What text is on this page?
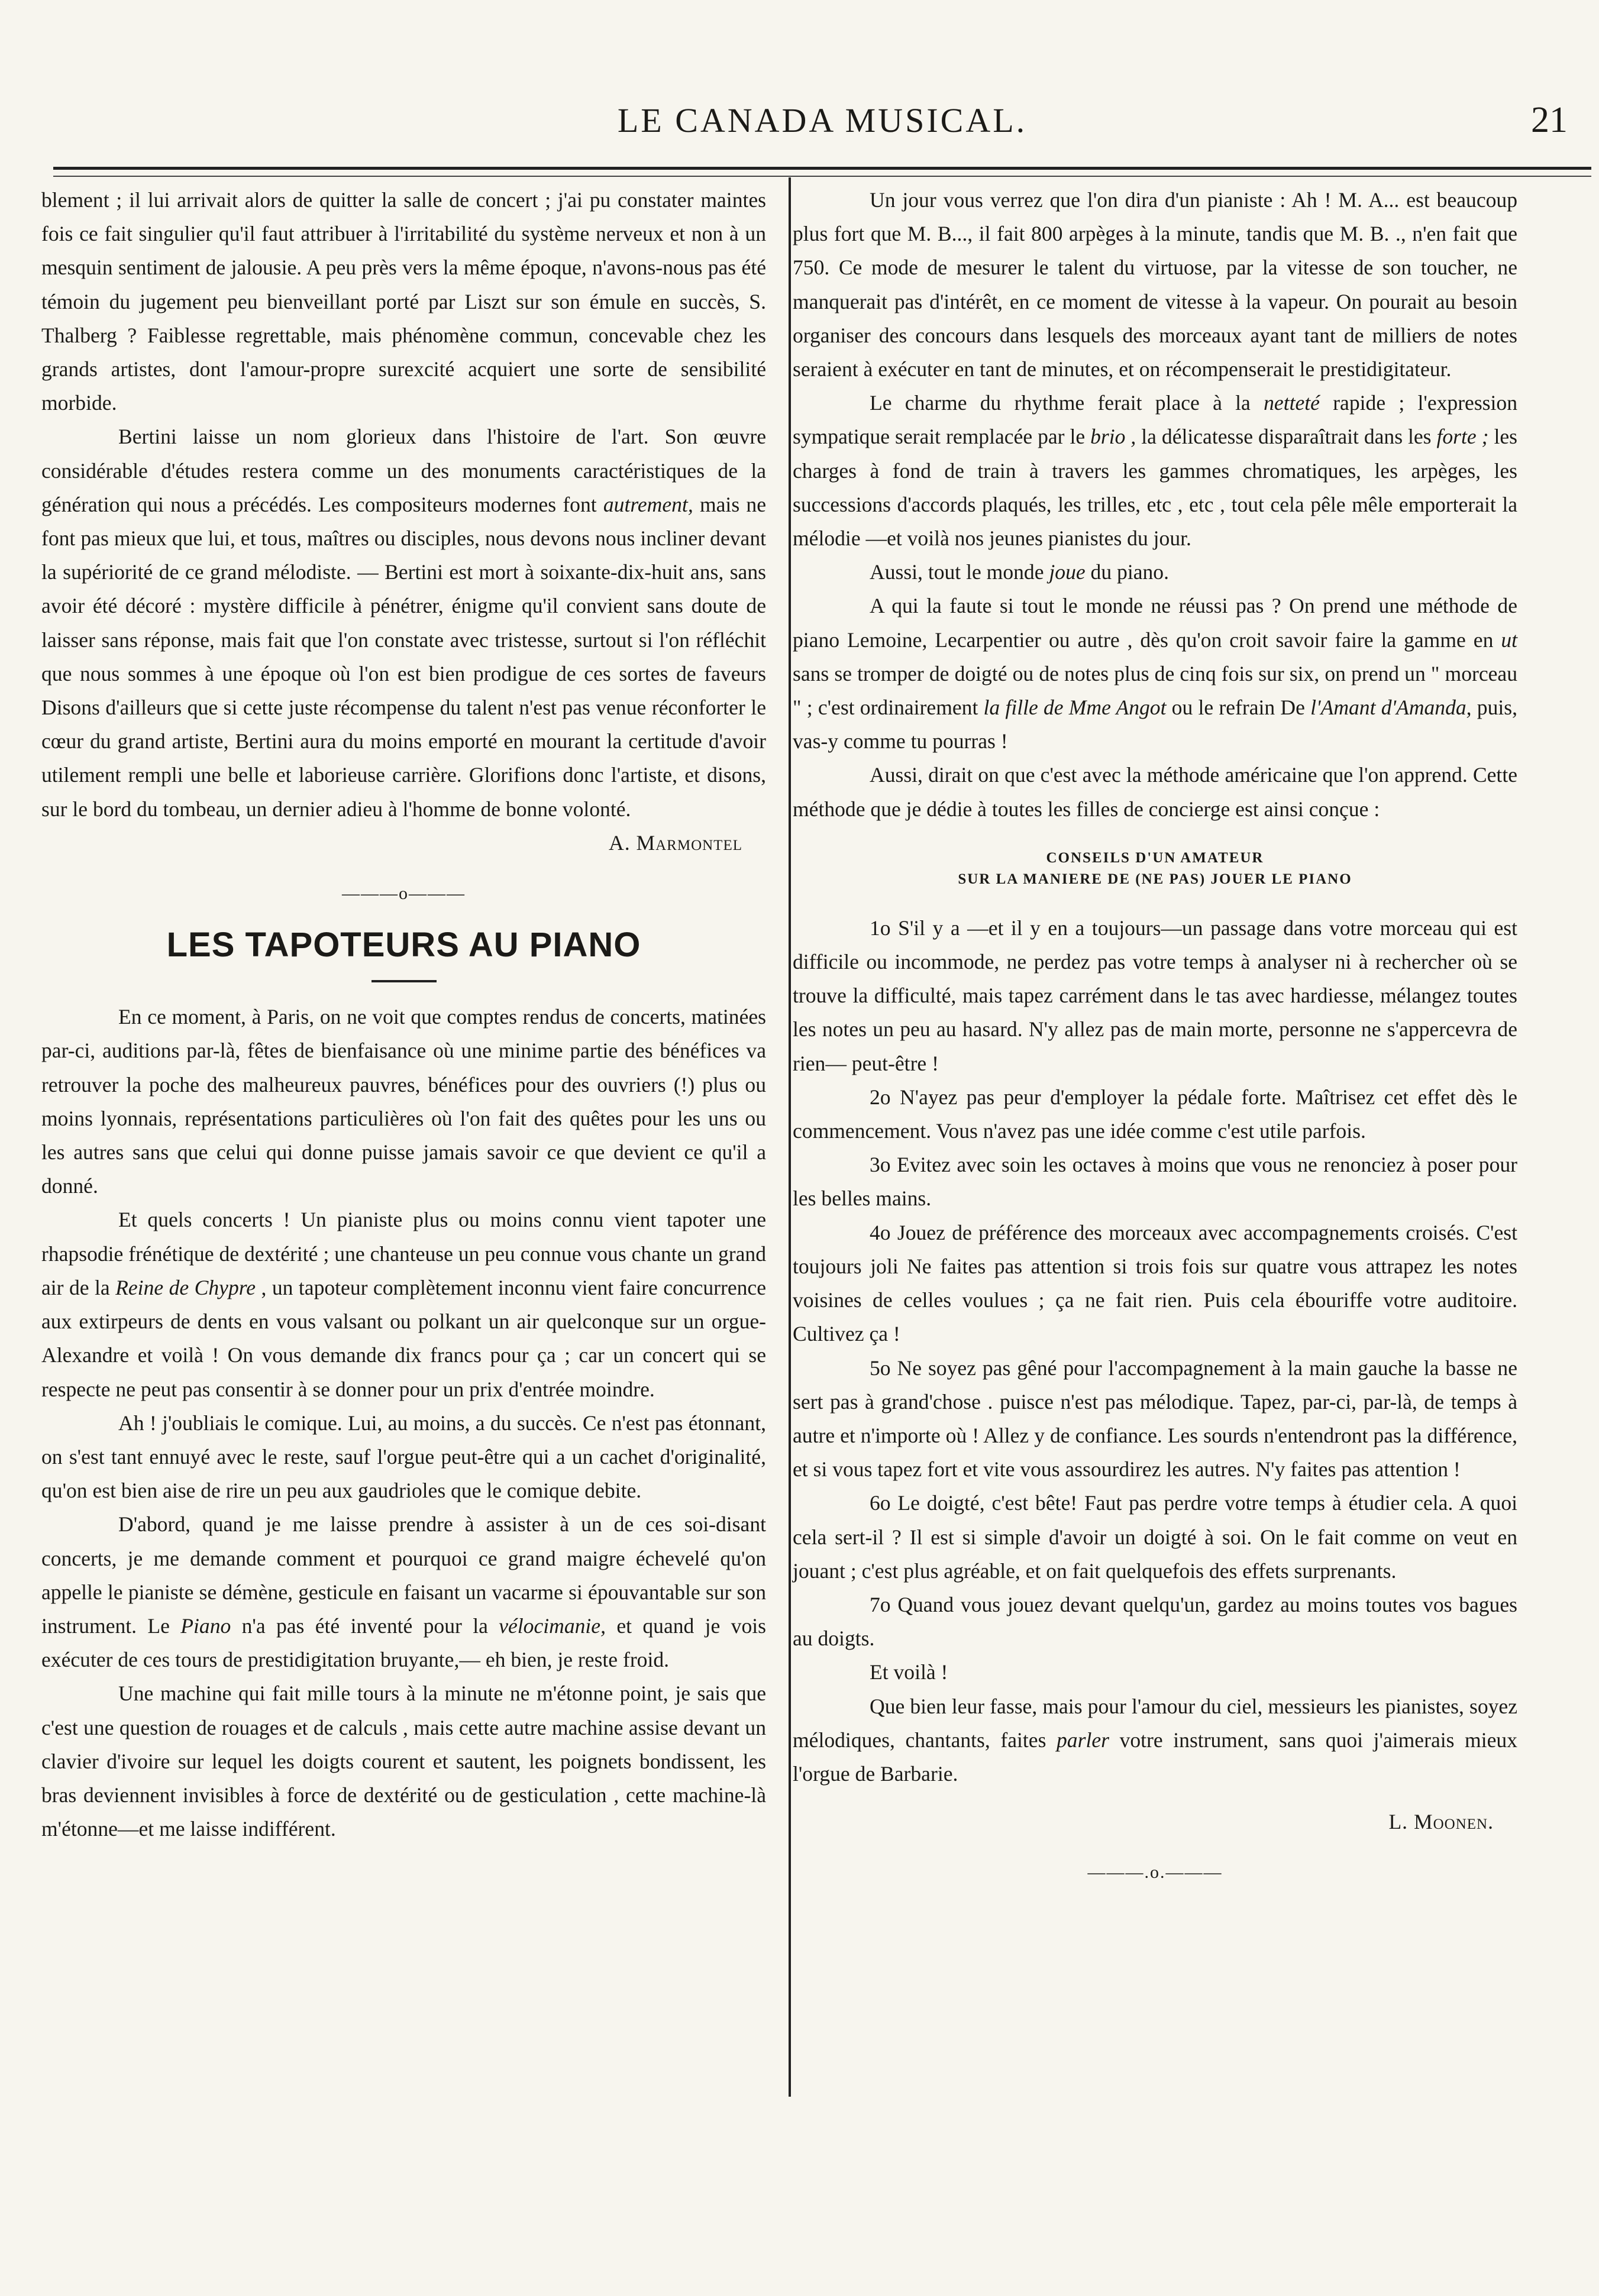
LE CANADA MUSICAL.	21

blement ; il lui arrivait alors de quitter la salle de concert ; j'ai pu constater maintes fois ce fait singulier qu'il faut attribuer à l'irritabilité du système nerveux et non à un mesquin sentiment de jalousie. A peu près vers la même époque, n'avons-nous pas été témoin du jugement peu bienveillant porté par Liszt sur son émule en succès, S. Thalberg ? Faiblesse regrettable, mais phénomène commun, concevable chez les grands artistes, dont l'amour-propre surexcité acquiert une sorte de sensibilité morbide.

Bertini laisse un nom glorieux dans l'histoire de l'art. Son œuvre considérable d'études restera comme un des monuments caractéristiques de la génération qui nous a précédés. Les compositeurs modernes font autrement, mais ne font pas mieux que lui, et tous, maîtres ou disciples, nous devons nous incliner devant la supériorité de ce grand mélodiste. — Bertini est mort à soixante-dix-huit ans, sans avoir été décoré : mystère difficile à pénétrer, énigme qu'il convient sans doute de laisser sans réponse, mais fait que l'on constate avec tristesse, surtout si l'on réfléchit que nous sommes à une époque où l'on est bien prodigue de ces sortes de faveurs Disons d'ailleurs que si cette juste récompense du talent n'est pas venue réconforter le cœur du grand artiste, Bertini aura du moins emporté en mourant la certitude d'avoir utilement rempli une belle et laborieuse carrière. Glorifions donc l'artiste, et disons, sur le bord du tombeau, un dernier adieu à l'homme de bonne volonté.

A. Marmontel

———o———
LES TAPOTEURS AU PIANO

En ce moment, à Paris, on ne voit que comptes rendus de concerts, matinées par-ci, auditions par-là, fêtes de bienfaisance où une minime partie des bénéfices va retrouver la poche des malheureux pauvres, bénéfices pour des ouvriers (!) plus ou moins lyonnais, représentations particulières où l'on fait des quêtes pour les uns ou les autres sans que celui qui donne puisse jamais savoir ce que devient ce qu'il a donné.

Et quels concerts ! Un pianiste plus ou moins connu vient tapoter une rhapsodie frénétique de dextérité ; une chanteuse un peu connue vous chante un grand air de la Reine de Chypre , un tapoteur complètement inconnu vient faire concurrence aux extirpeurs de dents en vous valsant ou polkant un air quelconque sur un orgue-Alexandre et voilà ! On vous demande dix francs pour ça ; car un concert qui se respecte ne peut pas consentir à se donner pour un prix d'entrée moindre.

Ah ! j'oubliais le comique. Lui, au moins, a du succès. Ce n'est pas étonnant, on s'est tant ennuyé avec le reste, sauf l'orgue peut-être qui a un cachet d'originalité, qu'on est bien aise de rire un peu aux gaudrioles que le comique debite.

D'abord, quand je me laisse prendre à assister à un de ces soi-disant concerts, je me demande comment et pourquoi ce grand maigre échevelé qu'on appelle le pianiste se démène, gesticule en faisant un vacarme si épouvantable sur son instrument. Le Piano n'a pas été inventé pour la vélocimanie, et quand je vois exécuter de ces tours de prestidigitation bruyante,— eh bien, je reste froid.

Une machine qui fait mille tours à la minute ne m'étonne point, je sais que c'est une question de rouages et de calculs , mais cette autre machine assise devant un clavier d'ivoire sur lequel les doigts courent et sautent, les poignets bondissent, les bras deviennent invisibles à force de dextérité ou de gesticulation , cette machine-là m'étonne—et me laisse indifférent.

Un jour vous verrez que l'on dira d'un pianiste : Ah ! M. A... est beaucoup plus fort que M. B..., il fait 800 arpèges à la minute, tandis que M. B. ., n'en fait que 750. Ce mode de mesurer le talent du virtuose, par la vitesse de son toucher, ne manquerait pas d'intérêt, en ce moment de vitesse à la vapeur. On pourait au besoin organiser des concours dans lesquels des morceaux ayant tant de milliers de notes seraient à exécuter en tant de minutes, et on récompenserait le prestidigitateur.

Le charme du rhythme ferait place à la netteté rapide ; l'expression sympatique serait remplacée par le brio , la délicatesse disparaîtrait dans les forte ; les charges à fond de train à travers les gammes chromatiques, les arpèges, les successions d'accords plaqués, les trilles, etc , etc , tout cela pêle mêle emporterait la mélodie —et voilà nos jeunes pianistes du jour.

Aussi, tout le monde joue du piano.

A qui la faute si tout le monde ne réussi pas ? On prend une méthode de piano Lemoine, Lecarpentier ou autre , dès qu'on croit savoir faire la gamme en ut sans se tromper de doigté ou de notes plus de cinq fois sur six, on prend un " morceau " ; c'est ordinairement la fille de Mme Angot ou le refrain De l'Amant d'Amanda, puis, vas-y comme tu pourras !

Aussi, dirait on que c'est avec la méthode américaine que l'on apprend. Cette méthode que je dédie à toutes les filles de concierge est ainsi conçue :

CONSEILS D'UN AMATEUR

SUR LA MANIERE DE (NE PAS) JOUER LE PIANO

1o S'il y a —et il y en a toujours—un passage dans votre morceau qui est difficile ou incommode, ne perdez pas votre temps à analyser ni à rechercher où se trouve la difficulté, mais tapez carrément dans le tas avec hardiesse, mélangez toutes les notes un peu au hasard. N'y allez pas de main morte, personne ne s'appercevra de rien— peut-être !

2o N'ayez pas peur d'employer la pédale forte. Maîtrisez cet effet dès le commencement. Vous n'avez pas une idée comme c'est utile parfois.

3o Evitez avec soin les octaves à moins que vous ne renonciez à poser pour les belles mains.

4o Jouez de préférence des morceaux avec accompagnements croisés. C'est toujours joli Ne faites pas attention si trois fois sur quatre vous attrapez les notes voisines de celles voulues ; ça ne fait rien. Puis cela ébouriffe votre auditoire. Cultivez ça !

5o Ne soyez pas gêné pour l'accompagnement à la main gauche la basse ne sert pas à grand'chose . puisce n'est pas mélodique. Tapez, par-ci, par-là, de temps à autre et n'importe où ! Allez y de confiance. Les sourds n'entendront pas la différence, et si vous tapez fort et vite vous assourdirez les autres. N'y faites pas attention !

6o Le doigté, c'est bête! Faut pas perdre votre temps à étudier cela. A quoi cela sert-il ? Il est si simple d'avoir un doigté à soi. On le fait comme on veut en jouant ; c'est plus agréable, et on fait quelquefois des effets surprenants.

7o Quand vous jouez devant quelqu'un, gardez au moins toutes vos bagues au doigts.

Et voilà !

Que bien leur fasse, mais pour l'amour du ciel, messieurs les pianistes, soyez mélodiques, chantants, faites parler votre instrument, sans quoi j'aimerais mieux l'orgue de Barbarie.

L. Moonen.

———.o.———
